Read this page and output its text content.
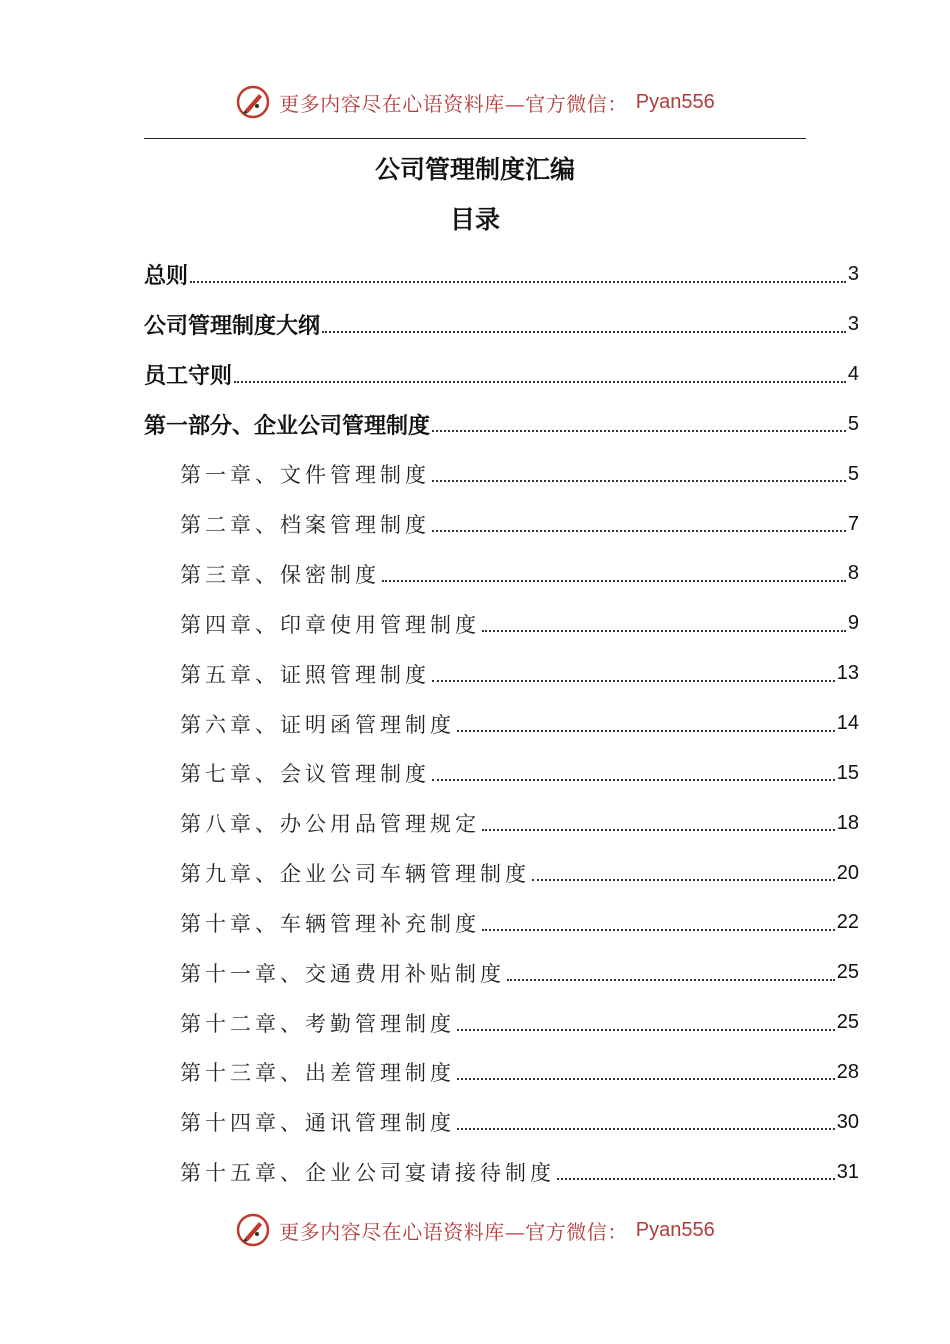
更多内容尽在心语资料库—官方微信： Pyan556
公司管理制度汇编
目录
总则	3
公司管理制度大纲	3
员工守则	4
第一部分、企业公司管理制度	5
第一章、文件管理制度	5
第二章、档案管理制度	7
第三章、保密制度	8
第四章、印章使用管理制度	9
第五章、证照管理制度	13
第六章、证明函管理制度	14
第七章、会议管理制度	15
第八章、办公用品管理规定	18
第九章、企业公司车辆管理制度	20
第十章、车辆管理补充制度	22
第十一章、交通费用补贴制度	25
第十二章、考勤管理制度	25
第十三章、出差管理制度	28
第十四章、通讯管理制度	30
第十五章、企业公司宴请接待制度	31
更多内容尽在心语资料库—官方微信： Pyan556
